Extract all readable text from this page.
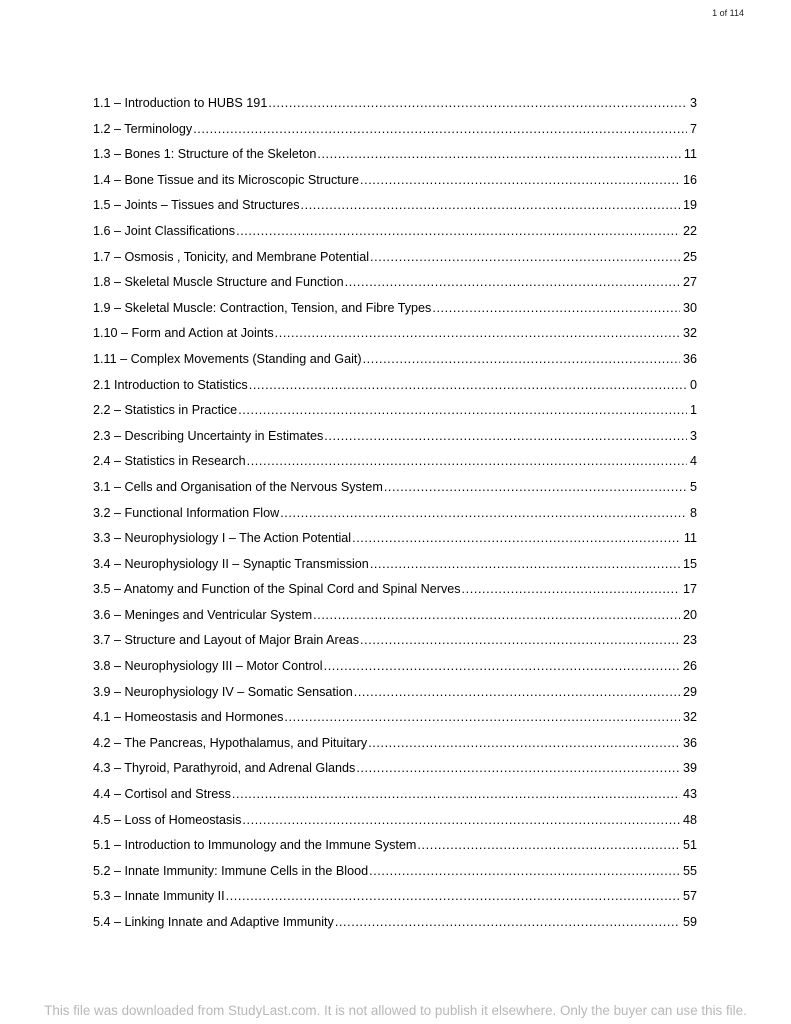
1 of 114
1.1 – Introduction to HUBS 191 .....	3
1.2 – Terminology .....	7
1.3 – Bones 1: Structure of the Skeleton .....	11
1.4 – Bone Tissue and its Microscopic Structure .....	16
1.5 – Joints – Tissues and Structures .....	19
1.6 – Joint Classifications .....	22
1.7 – Osmosis , Tonicity, and Membrane Potential .....	25
1.8 – Skeletal Muscle Structure and Function .....	27
1.9 – Skeletal Muscle: Contraction, Tension, and Fibre Types .....	30
1.10 – Form and Action at Joints .....	32
1.11 – Complex Movements (Standing and Gait) .....	36
2.1 Introduction to Statistics .....	0
2.2 – Statistics in Practice .....	1
2.3 – Describing Uncertainty in Estimates .....	3
2.4 – Statistics in Research .....	4
3.1 – Cells and Organisation of the Nervous System .....	5
3.2 – Functional Information Flow .....	8
3.3 – Neurophysiology I – The Action Potential .....	11
3.4 – Neurophysiology II – Synaptic Transmission .....	15
3.5 – Anatomy and Function of the Spinal Cord and Spinal Nerves .....	17
3.6 – Meninges and Ventricular System .....	20
3.7 – Structure and Layout of Major Brain Areas .....	23
3.8 – Neurophysiology III – Motor Control .....	26
3.9 – Neurophysiology IV – Somatic Sensation .....	29
4.1 – Homeostasis and Hormones .....	32
4.2 – The Pancreas, Hypothalamus, and Pituitary .....	36
4.3 – Thyroid, Parathyroid, and Adrenal Glands .....	39
4.4 – Cortisol and Stress .....	43
4.5 – Loss of Homeostasis .....	48
5.1 – Introduction to Immunology and the Immune System .....	51
5.2 – Innate Immunity: Immune Cells in the Blood .....	55
5.3 – Innate Immunity II .....	57
5.4 – Linking Innate and Adaptive Immunity .....	59
This file was downloaded from StudyLast.com. It is not allowed to publish it elsewhere. Only the buyer can use this file.
